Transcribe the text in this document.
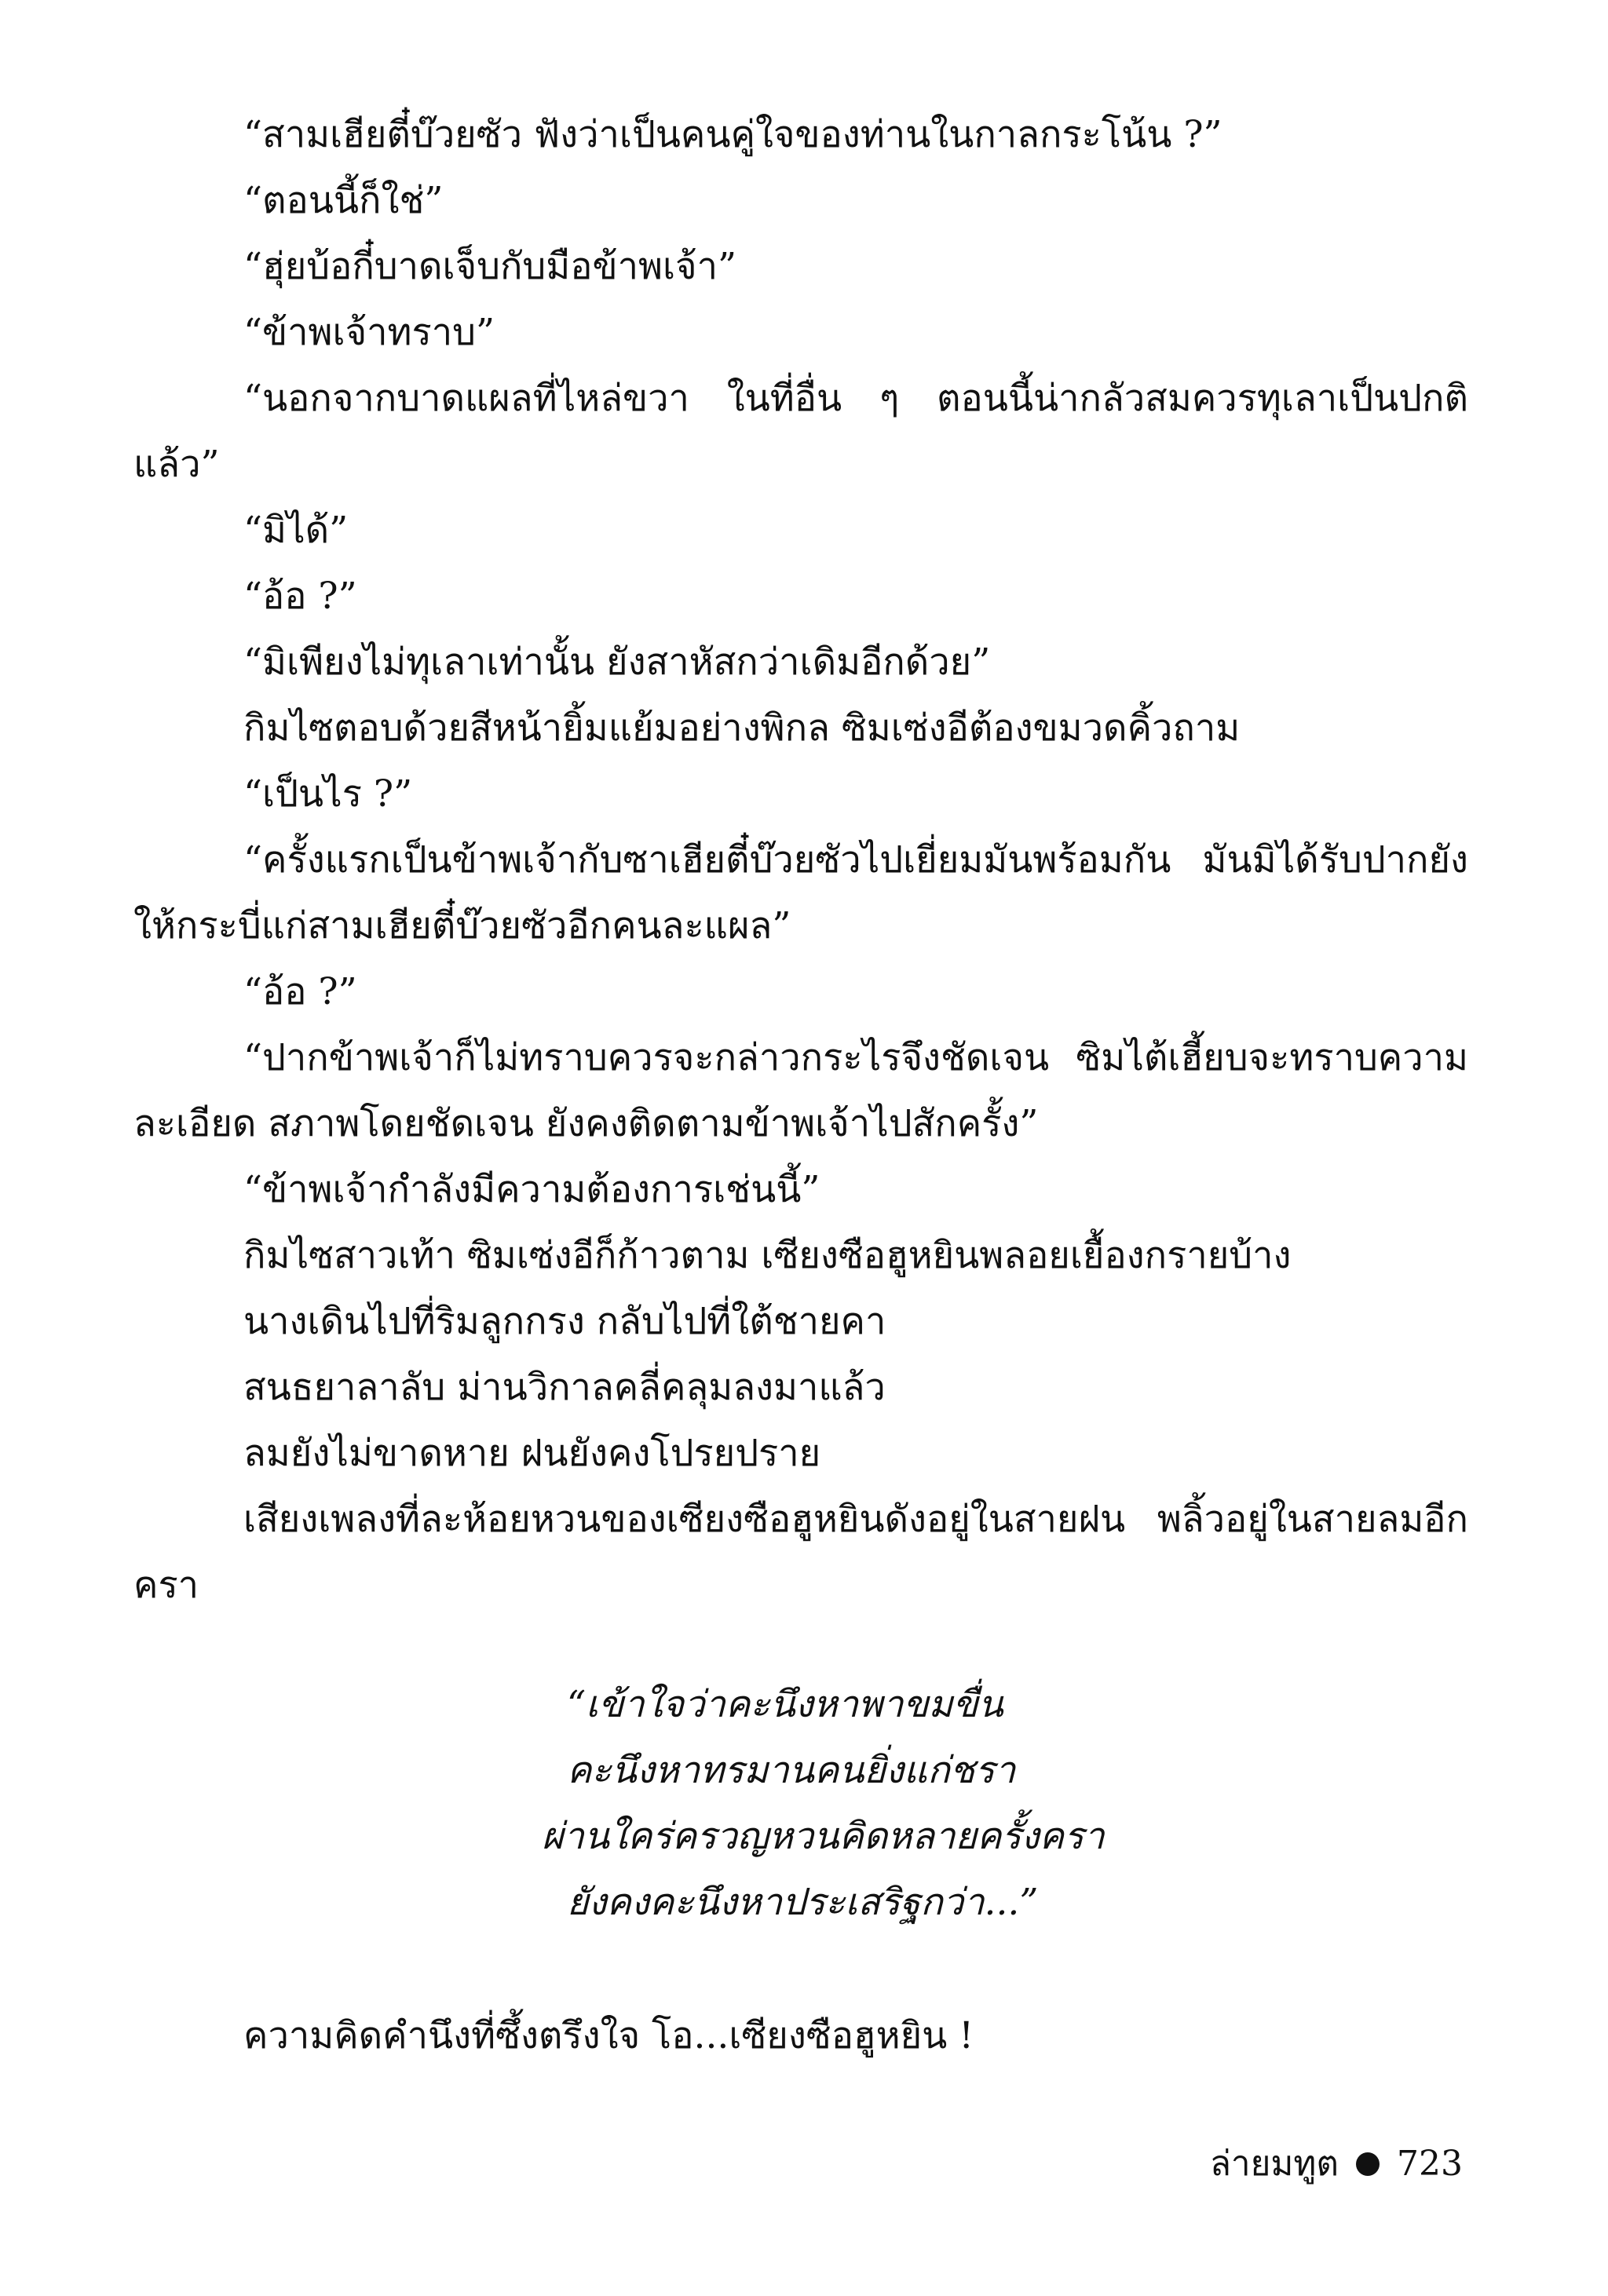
“สามเฮียตี๋บ๊วยซัว ฟังว่าเป็นคนคู่ใจของท่านในกาลกระโน้น ?”

“ตอนนี้ก็ใช่”

“ฮุ่ยบ้อกี๋บาดเจ็บกับมือข้าพเจ้า”

“ข้าพเจ้าทราบ”

“นอกจากบาดแผลที่ไหล่ขวา ในที่อื่น ๆ ตอนนี้น่ากลัวสมควรทุเลาเป็นปกติแล้ว”

“มิได้”

“อ้อ ?”

“มิเพียงไม่ทุเลาเท่านั้น ยังสาหัสกว่าเดิมอีกด้วย”

กิมไซตอบด้วยสีหน้ายิ้มแย้มอย่างพิกล ซิมเซ่งอีต้องขมวดคิ้วถาม

“เป็นไร ?”

“ครั้งแรกเป็นข้าพเจ้ากับซาเฮียตี๋บ๊วยซัวไปเยี่ยมมันพร้อมกัน มันมิได้รับปากยังให้กระบี่แก่สามเฮียตี๋บ๊วยซัวอีกคนละแผล”

“อ้อ ?”

“ปากข้าพเจ้าก็ไม่ทราบควรจะกล่าวกระไรจึงชัดเจน ซิมไต้เฮี้ยบจะทราบความละเอียด สภาพโดยชัดเจน ยังคงติดตามข้าพเจ้าไปสักครั้ง”

“ข้าพเจ้ากำลังมีความต้องการเช่นนี้”

กิมไซสาวเท้า ซิมเซ่งอีก็ก้าวตาม เซียงซือฮูหยินพลอยเยื้องกรายบ้าง

นางเดินไปที่ริมลูกกรง กลับไปที่ใต้ชายคา

สนธยาลาลับ ม่านวิกาลคลี่คลุมลงมาแล้ว

ลมยังไม่ขาดหาย ฝนยังคงโปรยปราย

เสียงเพลงที่ละห้อยหวนของเซียงซือฮูหยินดังอยู่ในสายฝน พลิ้วอยู่ในสายลมอีกครา

“เข้าใจว่าคะนึงหาพาขมขื่น
คะนึงหาทรมานคนยิ่งแก่ชรา
ผ่านใคร่ครวญหวนคิดหลายครั้งครา
ยังคงคะนึงหาประเสริฐกว่า...”
ความคิดคำนึงที่ซึ้งตรึงใจ โอ...เซียงซือฮูหยิน !
ล่ายมทูต 723
